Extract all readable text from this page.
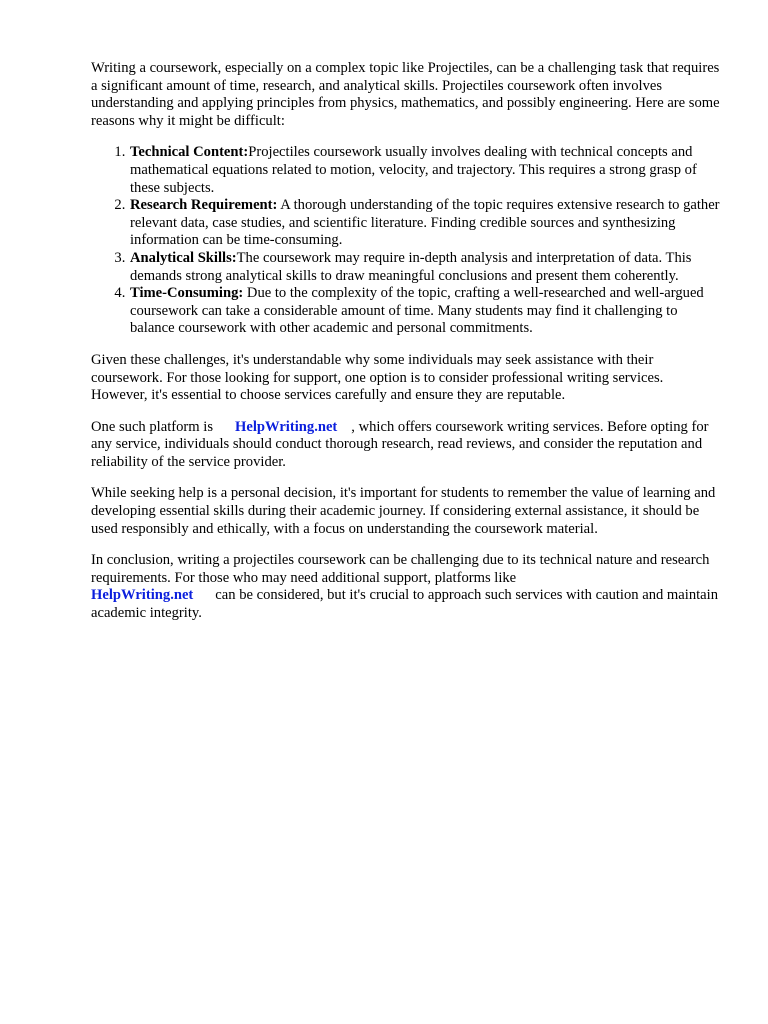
Writing a coursework, especially on a complex topic like Projectiles, can be a challenging task that requires a significant amount of time, research, and analytical skills. Projectiles coursework often involves understanding and applying principles from physics, mathematics, and possibly engineering. Here are some reasons why it might be difficult:

1. Technical Content:Projectiles coursework usually involves dealing with technical concepts and mathematical equations related to motion, velocity, and trajectory. This requires a strong grasp of these subjects.
2. Research Requirement: A thorough understanding of the topic requires extensive research to gather relevant data, case studies, and scientific literature. Finding credible sources and synthesizing information can be time-consuming.
3. Analytical Skills:The coursework may require in-depth analysis and interpretation of data. This demands strong analytical skills to draw meaningful conclusions and present them coherently.
4. Time-Consuming: Due to the complexity of the topic, crafting a well-researched and well-argued coursework can take a considerable amount of time. Many students may find it challenging to balance coursework with other academic and personal commitments.

Given these challenges, it's understandable why some individuals may seek assistance with their coursework. For those looking for support, one option is to consider professional writing services. However, it's essential to choose services carefully and ensure they are reputable.

One such platform is HelpWriting.net , which offers coursework writing services. Before opting for any service, individuals should conduct thorough research, read reviews, and consider the reputation and reliability of the service provider.

While seeking help is a personal decision, it's important for students to remember the value of learning and developing essential skills during their academic journey. If considering external assistance, it should be used responsibly and ethically, with a focus on understanding the coursework material.

In conclusion, writing a projectiles coursework can be challenging due to its technical nature and research requirements. For those who may need additional support, platforms like
HelpWriting.net can be considered, but it's crucial to approach such services with caution and maintain academic integrity.
